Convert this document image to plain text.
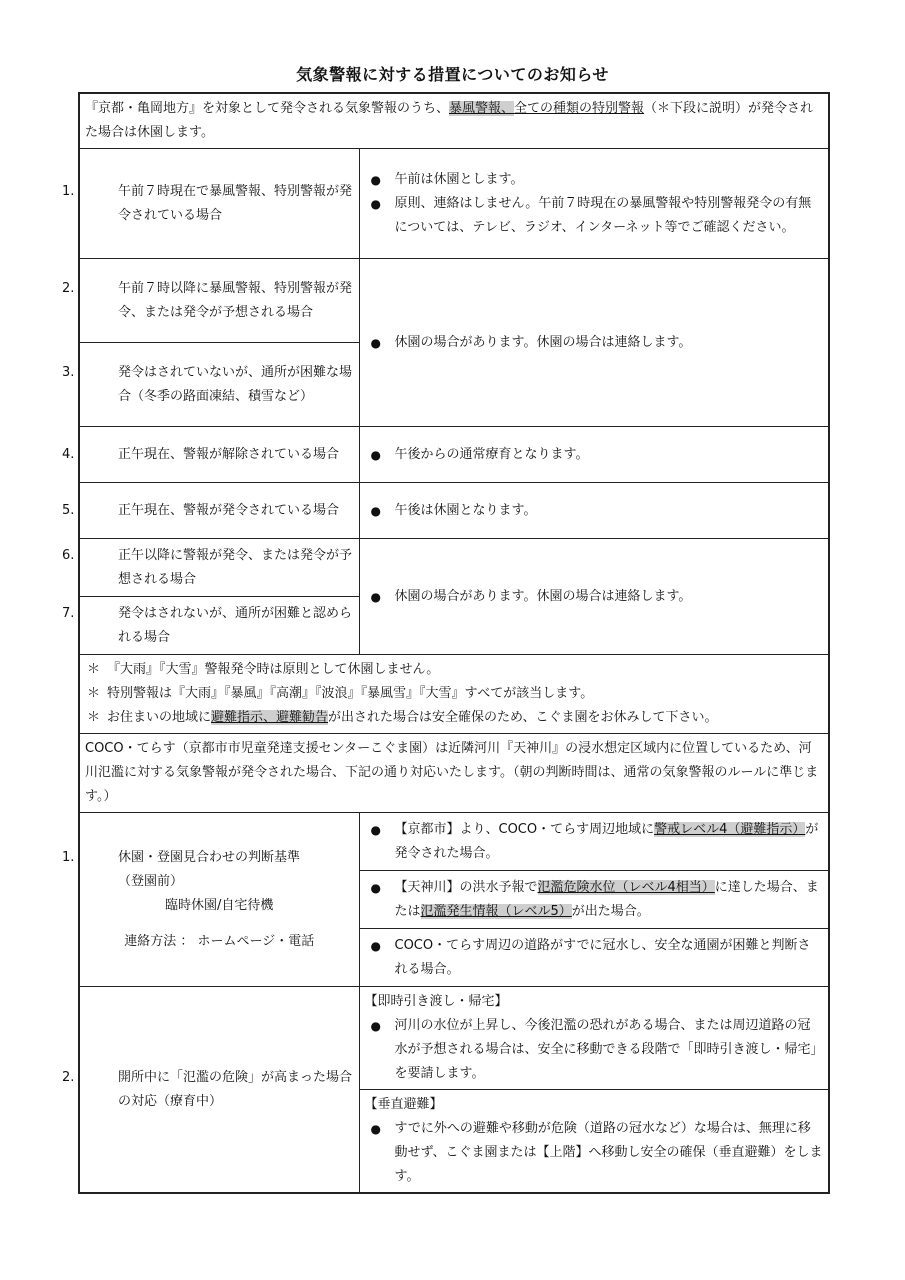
気象警報に対する措置についてのお知らせ
『京都・亀岡地方』を対象として発令される気象警報のうち、暴風警報、全ての種類の特別警報（＊下段に説明）が発令された場合は休園します。	

1. 午前７時現在で暴風警報、特別警報が発令されている場合	● 午前は休園とします。
● 原則、連絡はしません。午前７時現在の暴風警報や特別警報発令の有無については、テレビ、ラジオ、インターネット等でご確認ください。

2. 午前７時以降に暴風警報、特別警報が発令、または発令が予想される場合	● 休園の場合があります。休園の場合は連絡します。

3. 発令はされていないが、通所が困難な場合（冬季の路面凍結、積雪など）	

4. 正午現在、警報が解除されている場合	● 午後からの通常療育となります。

5. 正午現在、警報が発令されている場合	● 午後は休園となります。

6. 正午以降に警報が発令、または発令が予想される場合	● 休園の場合があります。休園の場合は連絡します。

7. 発令はされないが、通所が困難と認められる場合	

＊ 『大雨』『大雪』警報発令時は原則として休園しません。
＊ 特別警報は『大雨』『暴風』『高潮』『波浪』『暴風雪』『大雪』すべてが該当します。
＊ お住まいの地域に避難指示、避難勧告が出された場合は安全確保のため、こぐま園をお休みして下さい。

COCO・てらす（京都市市児童発達支援センターこぐま園）は近隣河川『天神川』の浸水想定区域内に位置しているため、河川氾濫に対する気象警報が発令された場合、下記の通り対応いたします。（朝の判断時間は、通常の気象警報のルールに準じます。）	

1. 休園・登園見合わせの判断基準
（登園前）
臨時休園/自宅待機
連絡方法 ： ホームページ・電話	● 【京都市】より、COCO・てらす周辺地域に警戒レベル4（避難指示）が発令された場合。

	● 【天神川】の洪水予報で氾濫危険水位（レベル4相当）に達した場合、または氾濫発生情報（レベル5）が出た場合。

	● COCO・てらす周辺の道路がすでに冠水し、安全な通園が困難と判断される場合。

2. 開所中に「氾濫の危険」が高まった場合の対応（療育中）	【即時引き渡し・帰宅】
● 河川の水位が上昇し、今後氾濫の恐れがある場合、または周辺道路の冠水が予想される場合は、安全に移動できる段階で「即時引き渡し・帰宅」を要請します。

	【垂直避難】
● すでに外への避難や移動が危険（道路の冠水など）な場合は、無理に移動せず、こぐま園または【上階】へ移動し安全の確保（垂直避難）をします。
